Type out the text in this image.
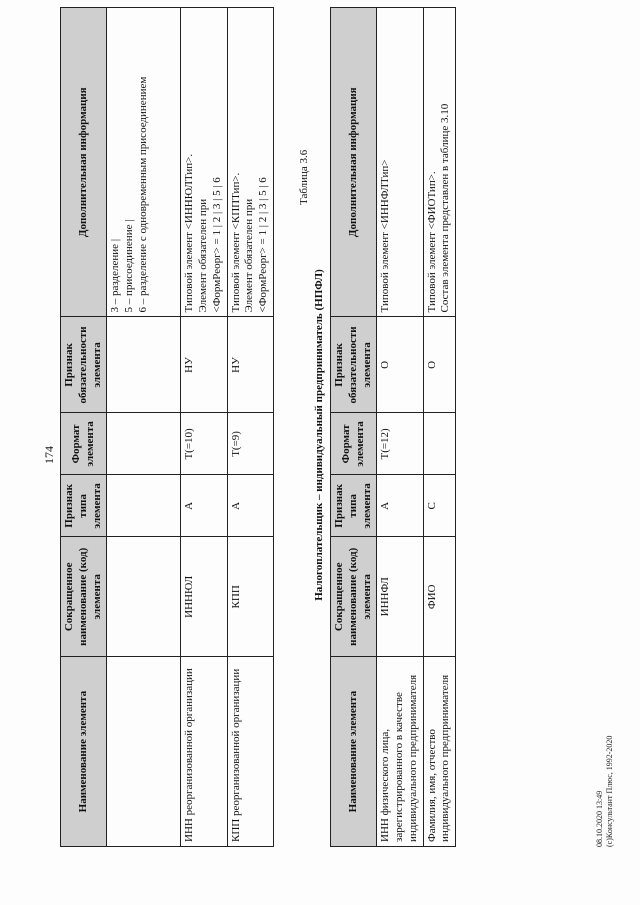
174
Наименование элемента	Сокращенное наименование (код) элемента	Признак типа элемента	Формат элемента	Признак обязательности элемента	Дополнительная информация

					3 – разделение | 5 – присоединение | 6 – разделение с одновременным присоединением

ИНН реорганизованной организации	ИННЮЛ	А	T(=10)	НУ	Типовой элемент <ИННЮЛТип>. Элемент обязателен при <ФормРеорг> = 1 | 2 | 3 | 5 | 6

КПП реорганизованной организации	КПП	А	T(=9)	НУ	Типовой элемент <КППТип>. Элемент обязателен при <ФормРеорг> = 1 | 2 | 3 | 5 | 6	Таблица 3.6
Налогоплательщик – индивидуальный предприниматель (НПФЛ)
Наименование элемента	Сокращенное наименование (код) элемента	Признак типа элемента	Формат элемента	Признак обязательности элемента	Дополнительная информация
ИНН физического лица, зарегистрированного в качестве индивидуального предпринимателя	ИННФЛ	А	T(=12)	О	Типовой элемент <ИННФЛТип>

Фамилия, имя, отчество индивидуального предпринимателя	ФИО	С		О	Типовой элемент <ФИОТип>. Состав элемента представлен в таблице 3.10
08.10.2020 13:49 (c)Консультант Плюс, 1992-2020
